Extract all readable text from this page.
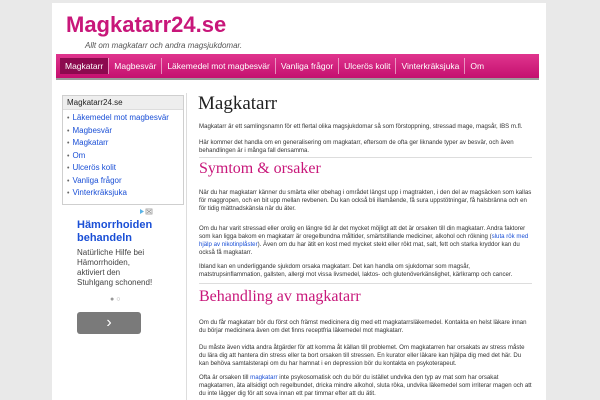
Magkatarr24.se
Allt om magkatarr och andra magsjukdomar.
Magkatarr	Magbesvär	Läkemedel mot magbesvär	Vanliga frågor	Ulcerös kolit	Vinterkräksjuka	Om
Magkatarr24.se
• Läkemedel mot magbesvär
• Magbesvär
• Magkatarr
• Om
• Ulcerös kolit
• Vanliga frågor
• Vinterkräksjuka
Hämorrhoiden behandeln
Natürliche Hilfe bei Hämorrhoiden, aktiviert den Stuhlgang schonend!
●○
›
Magkatarr

Magkatarr är ett samlingsnamn för ett flertal olika magsjukdomar så som förstoppning, stressad mage, magsår, IBS m.fl.

Här kommer det handla om en generalisering om magkatarr, eftersom de ofta ger liknande typer av besvär, och även behandlingen är i många fall densamma.

Symtom & orsaker

När du har magkatarr känner du smärta eller obehag i området längst upp i magtrakten, i den del av magsäcken som kallas för maggropen, och en bit upp mellan revbenen. Du kan också bli illamående, få sura uppstötningar, få halsbränna och en för tidig mättnadskänsla när du äter.

Om du har varit stressad eller orolig en längre tid är det mycket möjligt att det är orsaken till din magkatarr. Andra faktorer som kan ligga bakom en magkatarr är oregelbundna måltider, smärtstillande mediciner, alkohol och rökning (sluta rök med hjälp av nikotinplåster). Även om du har ätit en kost med mycket stekt eller rökt mat, salt, fett och starka kryddor kan du också få magkatarr.

Ibland kan en underliggande sjukdom orsaka magkatarr. Det kan handla om sjukdomar som magsår, matstrupsinflammation, gallsten, allergi mot vissa livsmedel, laktos- och glutenöverkänslighet, kärlkramp och cancer.

Behandling av magkatarr

Om du får magkatarr bör du först och främst medicinera dig med ett magkatarrsläkemedel. Kontakta en helst läkare innan du börjar medicinera även om det finns receptfria läkemedel mot magkatarr.

Du måste även vidta andra åtgärder för att komma åt källan till problemet. Om magkatarren har orsakats av stress måste du lära dig att hantera din stress eller ta bort orsaken till stressen. En kurator eller läkare kan hjälpa dig med det här. Du kan behöva samtalsterapi om du har hamnat i en depression bör du kontakta en psykoterapeut.

Ofta är orsaken till magkatarr inte psykosomatisk och du bör du istället undvika den typ av mat som har orsakat magkatarren, äta allsidigt och regelbundet, dricka mindre alkohol, sluta röka, undvika läkemedel som irriterar magen och att du inte lägger dig för att sova innan ett par timmar efter att du ätit.
